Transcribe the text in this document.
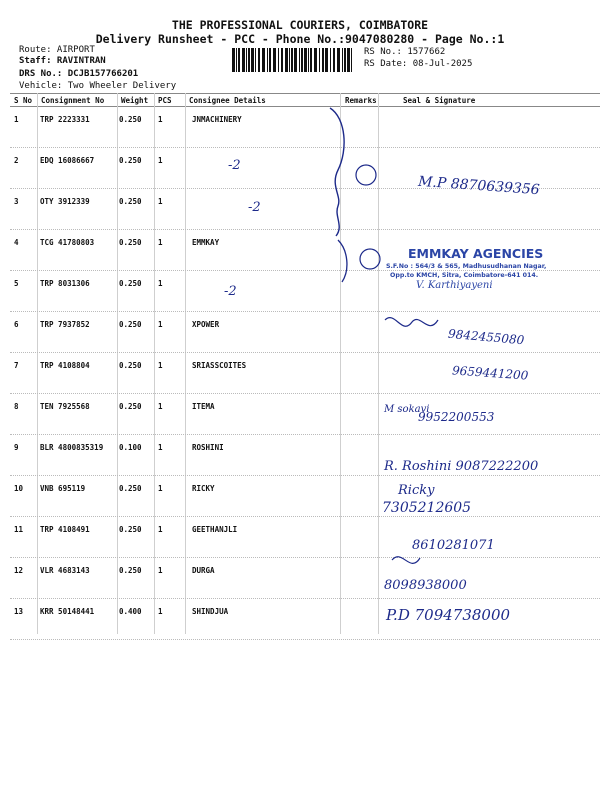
THE PROFESSIONAL COURIERS, COIMBATORE
Delivery Runsheet - PCC - Phone No.:9047080280 - Page No.:1
Route: AIRPORT
Staff: RAVINTRAN
DRS No.: DCJB157766201
Vehicle: Two Wheeler Delivery
RS No.: 1577662
RS Date: 08-Jul-2025
S No Consignment No Weight PCS Consignee Details	Remarks	Seal & Signature
1	TRP 2223331	0.250 1	JNMACHINERY
2	EDQ 16086667	0.250 1
3	OTY 3912339	0.250 1
4	TCG 41780803	0.250 1	EMMKAY
5	TRP 8031306	0.250 1
6	TRP 7937852	0.250 1	XPOWER
7	TRP 4108804	0.250 1	SRIASSCOITES
8	TEN 7925568	0.250 1	ITEMA
9	BLR 4800835319 0.100 1	ROSHINI
10 VNB 695119	0.250 1	RICKY
11 TRP 4108491	0.250 1	GEETHANJLI
12 VLR 4683143	0.250 1	DURGA
13 KRR 50148441	0.400 1	SHINDJUA
-2
-2
-2
M.P 8870639356
EMMKAY AGENCIES
S.F.No : 564/3 & 565, Madhusudhanan Nagar,
Opp.to KMCH, Sitra, Coimbatore-641 014.
V. Karthiyayeni
9842455080
9659441200
M sokavi
9952200553
R. Roshini 9087222200
Ricky
7305212605
8610281071
8098938000
P.D 7094738000
